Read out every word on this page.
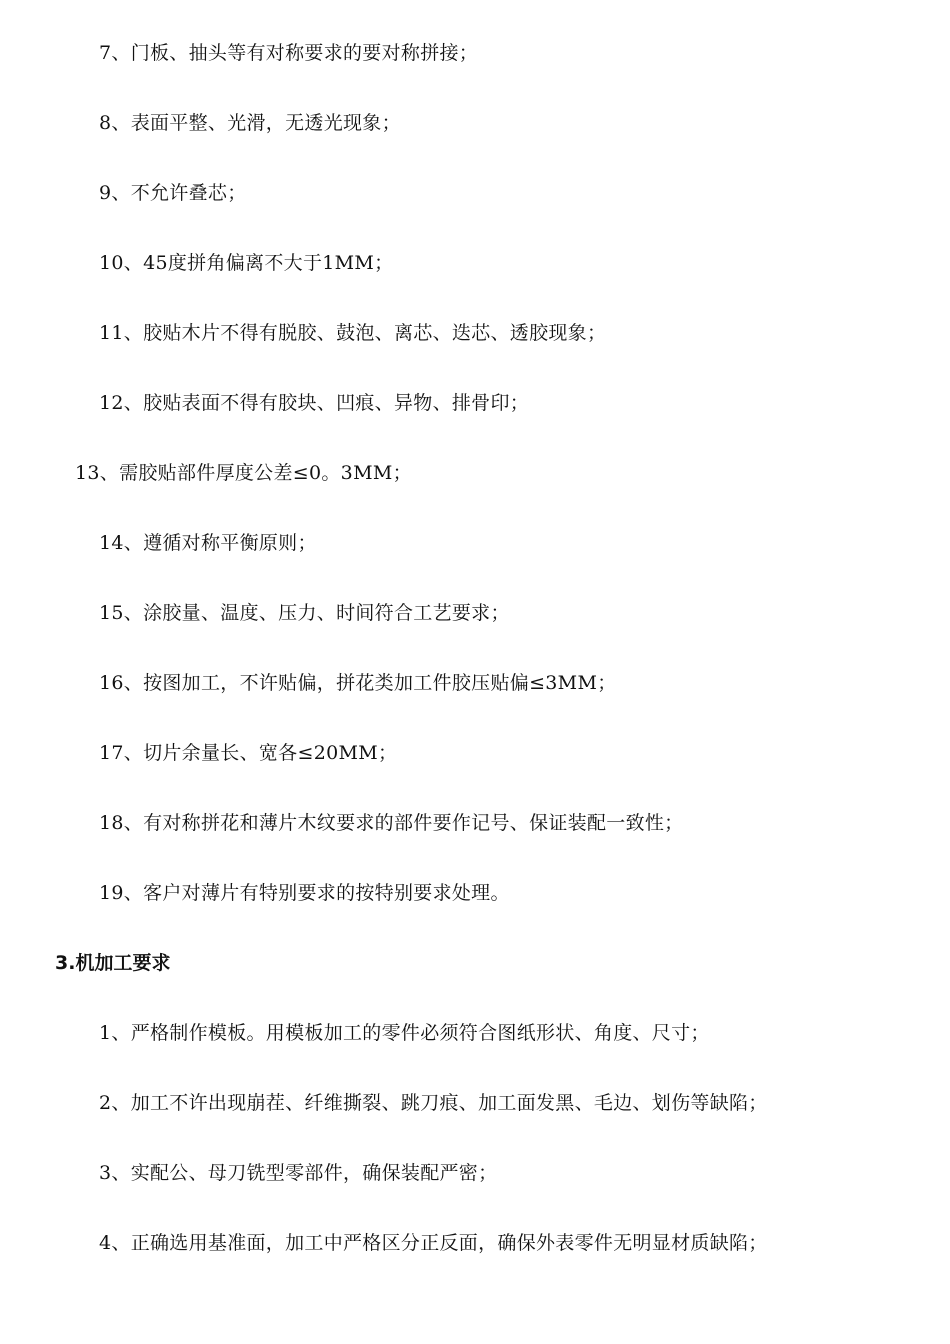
7、门板、抽头等有对称要求的要对称拼接；
8、表面平整、光滑，无透光现象；
9、不允许叠芯；
10、45度拼角偏离不大于1MM；
11、胶贴木片不得有脱胶、鼓泡、离芯、迭芯、透胶现象；
12、胶贴表面不得有胶块、凹痕、异物、排骨印；
13、需胶贴部件厚度公差≤0。3MM；
14、遵循对称平衡原则；
15、涂胶量、温度、压力、时间符合工艺要求；
16、按图加工，不许贴偏，拼花类加工件胶压贴偏≤3MM；
17、切片余量长、宽各≤20MM；
18、有对称拼花和薄片木纹要求的部件要作记号、保证装配一致性；
19、客户对薄片有特别要求的按特别要求处理。
3.机加工要求
1、严格制作模板。用模板加工的零件必须符合图纸形状、角度、尺寸；
2、加工不许出现崩茬、纤维撕裂、跳刀痕、加工面发黑、毛边、划伤等缺陷；
3、实配公、母刀铣型零部件，确保装配严密；
4、正确选用基准面，加工中严格区分正反面，确保外表零件无明显材质缺陷；
